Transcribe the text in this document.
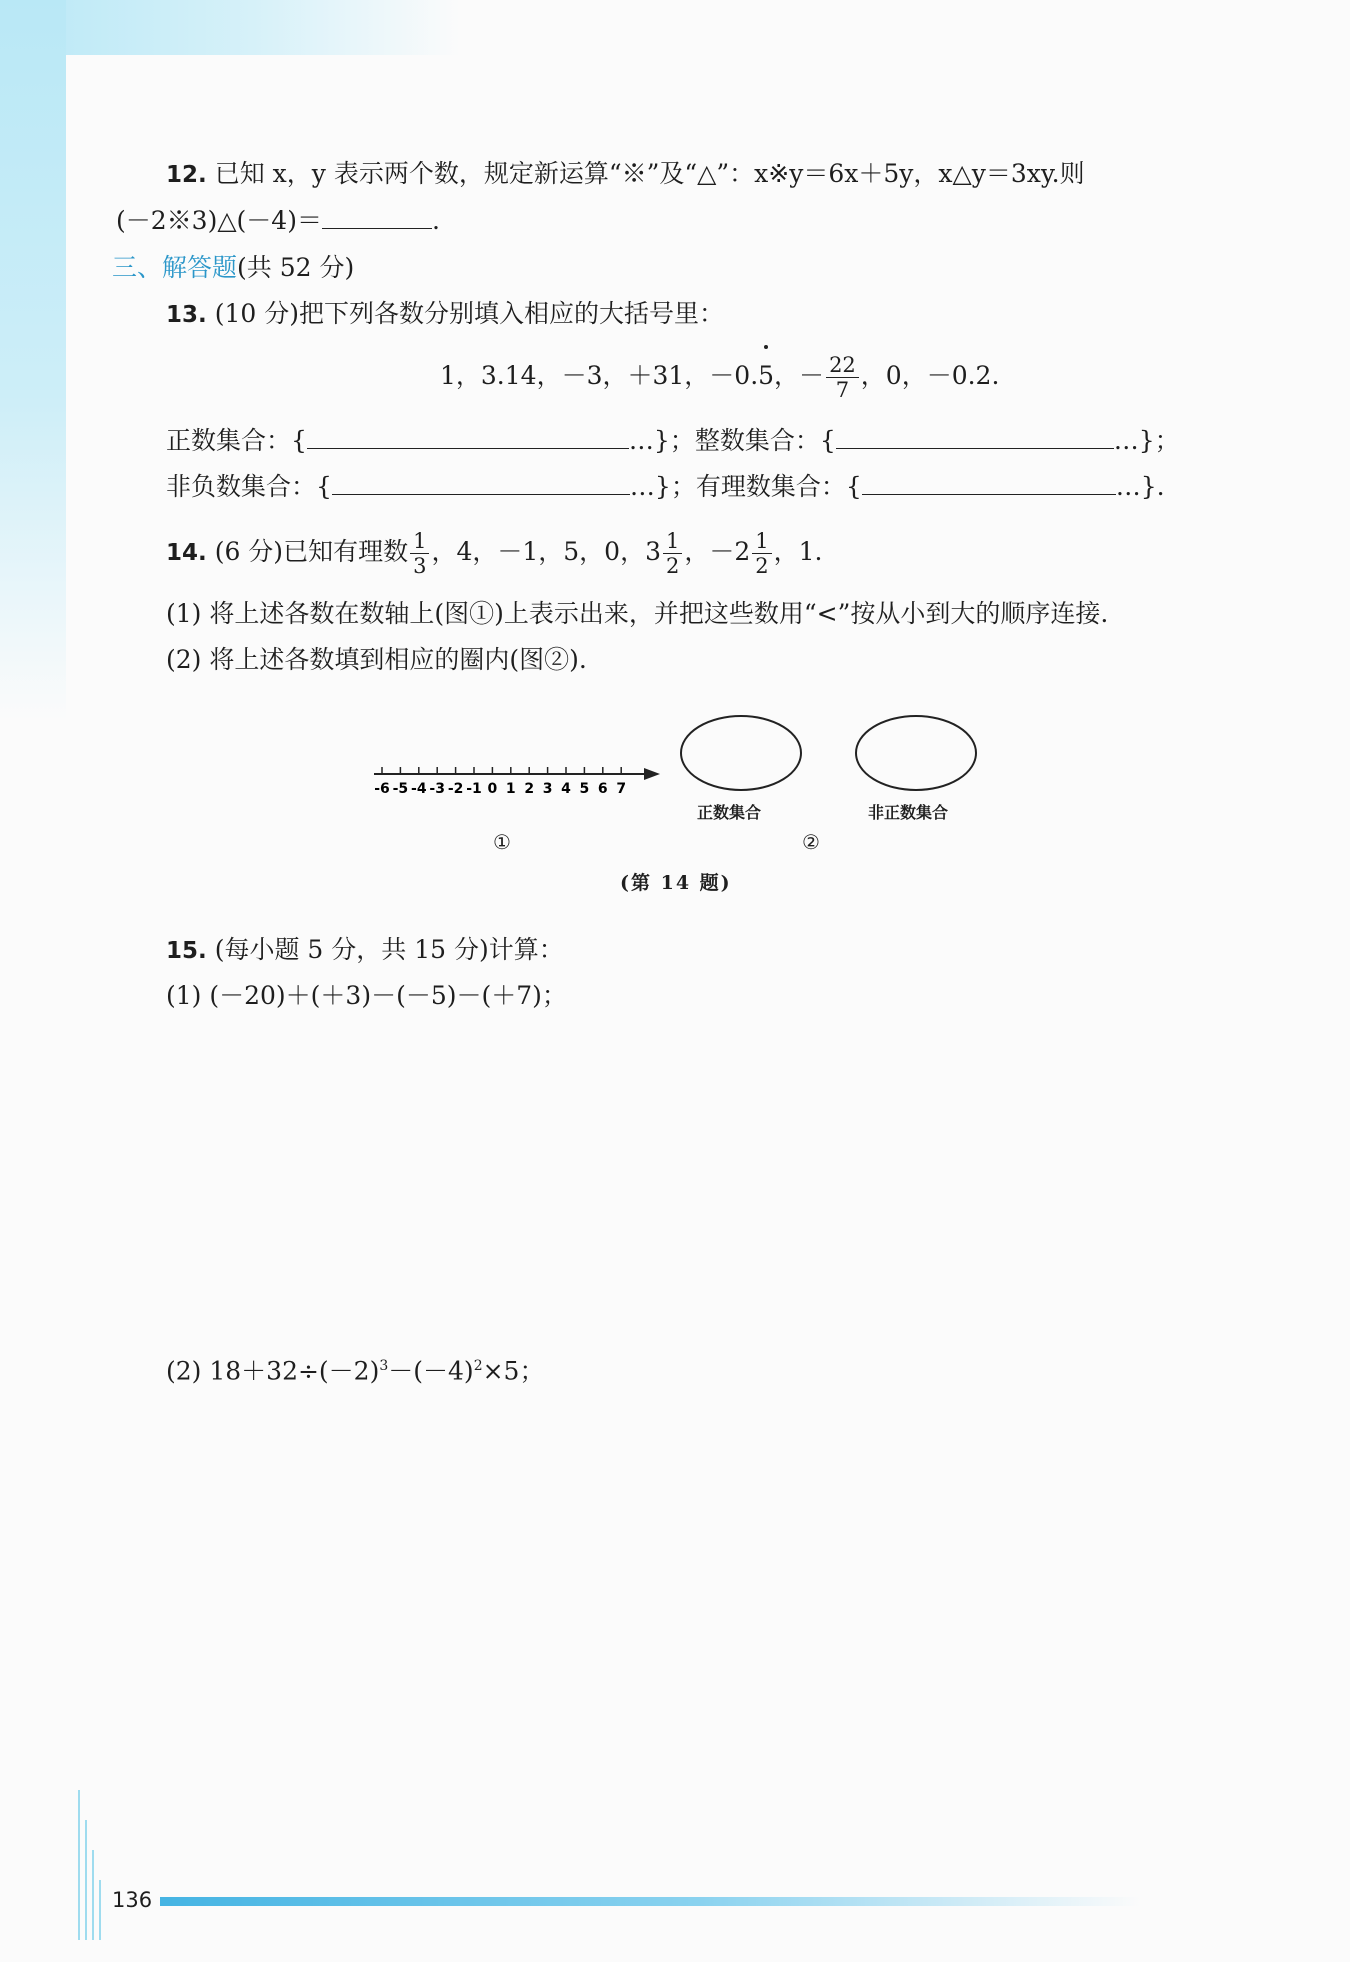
12. 已知 x，y 表示两个数，规定新运算“※”及“△”：x※y＝6x＋5y，x△y＝3xy.则
(－2※3)△(－4)＝	.
三、解答题(共 52 分)
13. (10 分)把下列各数分别填入相应的大括号里：
1，3.14，－3，＋31，－0.5，－ $\frac{22}{7}$ ，0，－0.2.
正数集合：{	…}；整数集合：{	…}；
非负数集合：{	…}；有理数集合：{	…}.
14. (6 分)已知有理数 $\frac{1}{3}$ ，4，－1，5，0，$3 \frac{1}{2}$ ，$-2 \frac{1}{2}$ ，1.
(1) 将上述各数在数轴上(图①)上表示出来，并把这些数用“<”按从小到大的顺序连接.
(2) 将上述各数填到相应的圈内(图②).
-6 -5 -4 -3 -2 -1 0 1 2 3 4 5 6 7
正数集合	非正数集合
①	②
(第 14 题)
15. (每小题 5 分，共 15 分)计算：
(1) (－20)＋(＋3)－(－5)－(＋7)；
(2) $18+32\div(-2)^3-(-4)^2\times 5$；
136
